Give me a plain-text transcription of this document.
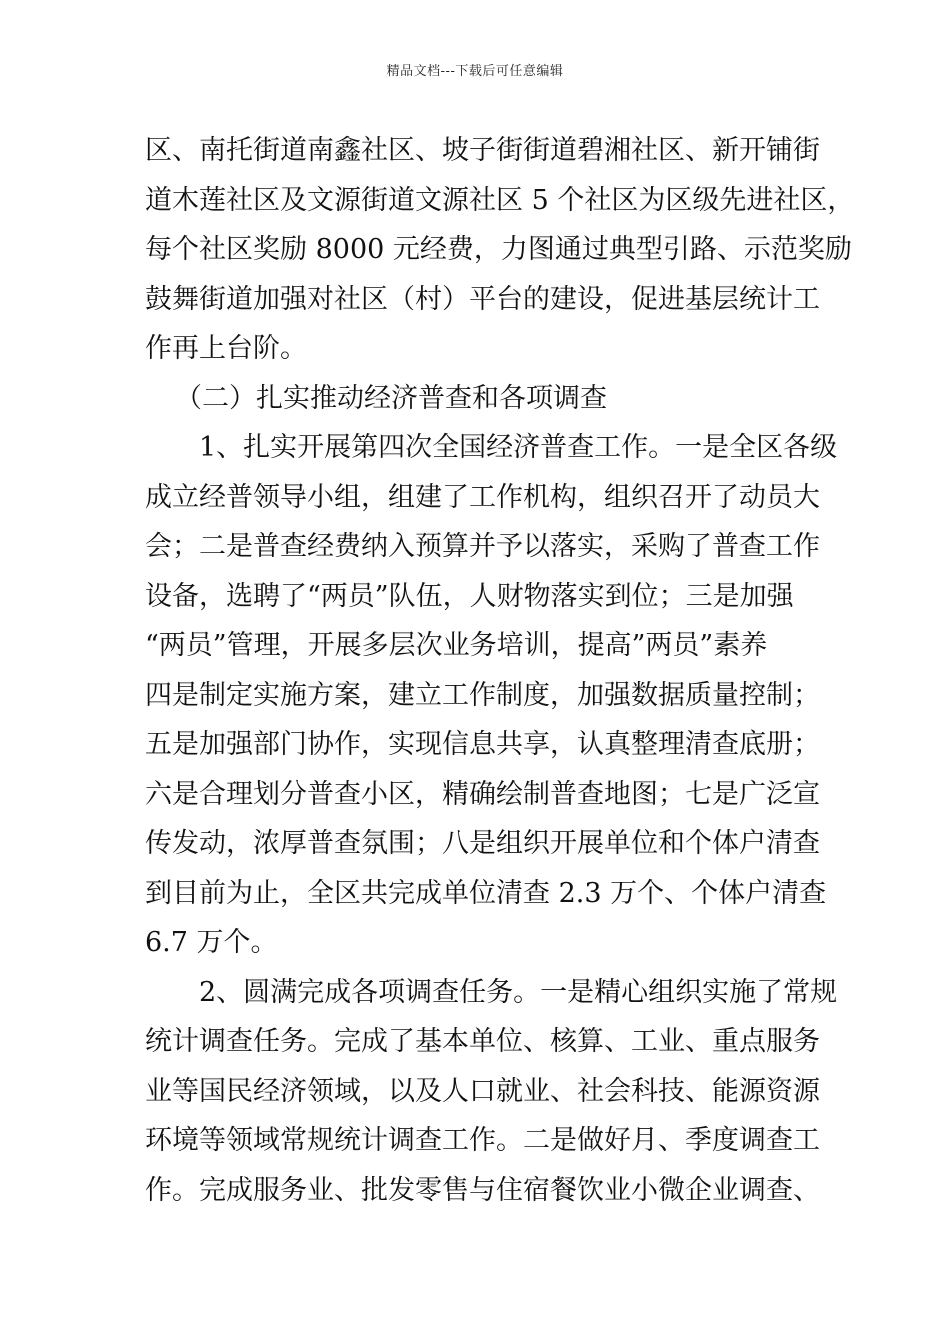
精品文档---下载后可任意编辑
区、南托街道南鑫社区、坡子街街道碧湘社区、新开铺街
道木莲社区及文源街道文源社区 5 个社区为区级先进社区，
每个社区奖励 8000 元经费，力图通过典型引路、示范奖励
鼓舞街道加强对社区（村）平台的建设，促进基层统计工
作再上台阶。
（二）扎实推动经济普查和各项调查
1、扎实开展第四次全国经济普查工作。一是全区各级
成立经普领导小组，组建了工作机构，组织召开了动员大
会；二是普查经费纳入预算并予以落实，采购了普查工作
设备，选聘了“两员”队伍，人财物落实到位；三是加强
“两员”管理，开展多层次业务培训，提高”两员”素养
四是制定实施方案，建立工作制度，加强数据质量控制；
五是加强部门协作，实现信息共享，认真整理清查底册；
六是合理划分普查小区，精确绘制普查地图；七是广泛宣
传发动，浓厚普查氛围；八是组织开展单位和个体户清查
到目前为止，全区共完成单位清查 2.3 万个、个体户清查
6.7 万个。
2、圆满完成各项调查任务。一是精心组织实施了常规
统计调查任务。完成了基本单位、核算、工业、重点服务
业等国民经济领域，以及人口就业、社会科技、能源资源
环境等领域常规统计调查工作。二是做好月、季度调查工
作。完成服务业、批发零售与住宿餐饮业小微企业调查、
